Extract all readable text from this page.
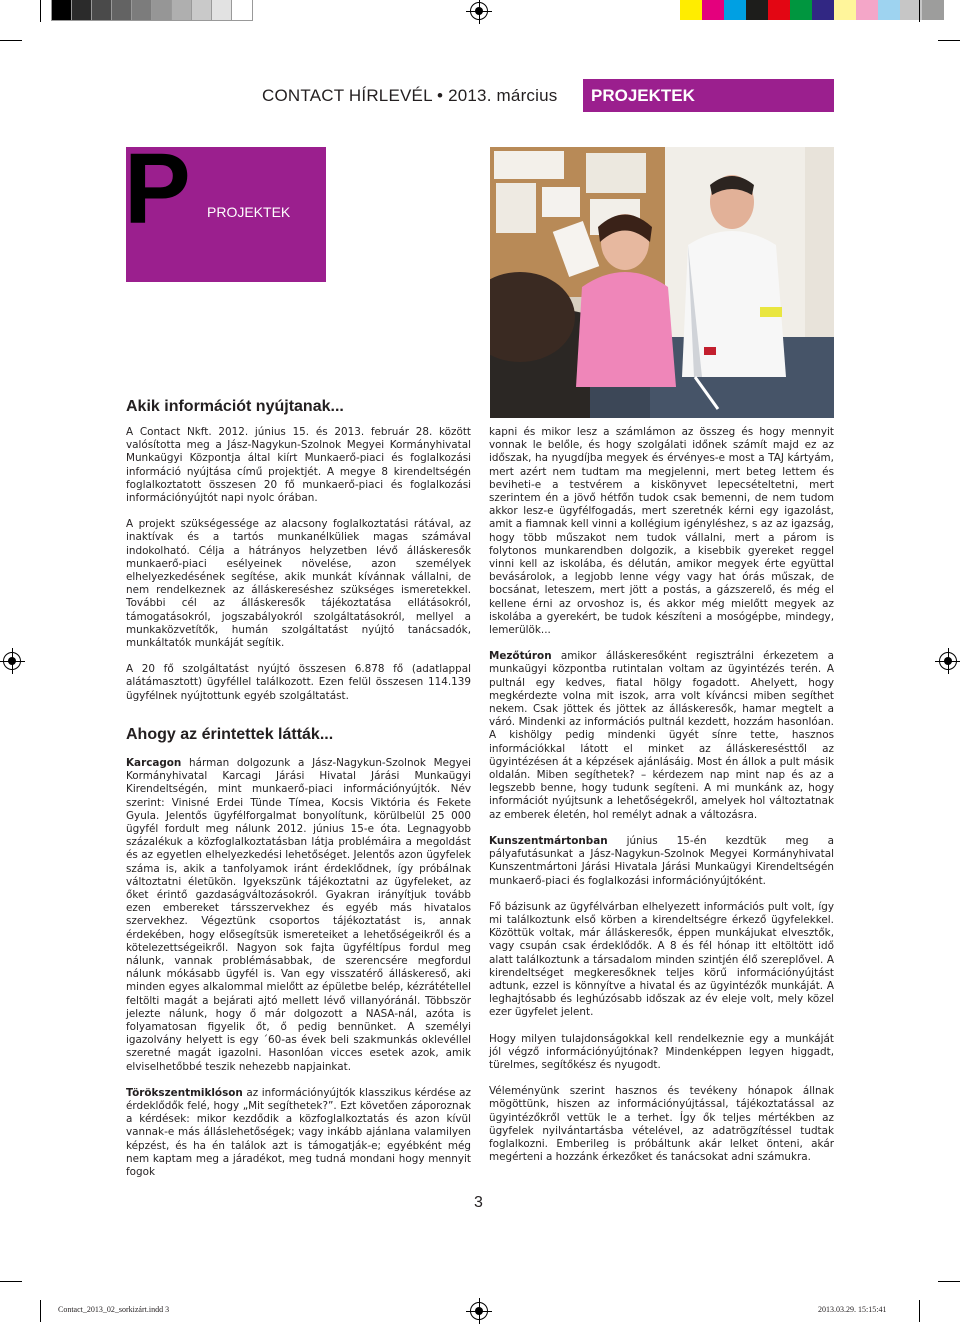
CONTACT HÍRLEVÉL • 2013. március	PROJEKTEK
P PROJEKTEK
Akik információt nyújtanak...

A Contact Nkft. 2012. június 15. és 2013. február 28. között valósította meg a Jász-Nagykun-Szolnok Megyei Kormányhivatal Munkaügyi Központja által kiírt Munkaerő-piaci és foglalkozási információ nyújtása című projektjét. A megye 8 kirendeltségén foglalkoztatott összesen 20 fő munkaerő-piaci és foglalkozási információnyújtót napi nyolc órában.

A projekt szükségessége az alacsony foglalkoztatási rátával, az inaktívak és a tartós munkanélküliek magas számával indokolható. Célja a hátrányos helyzetben lévő álláskeresők munkaerő-piaci esélyeinek növelése, azon személyek elhelyezkedésének segítése, akik munkát kívánnak vállalni, de nem rendelkeznek az álláskereséshez szükséges ismeretekkel. További cél az álláskeresők tájékoztatása ellátásokról, támogatásokról, jogszabályokról szolgáltatásokról, mellyel a munkaközvetítők, humán szolgáltatást nyújtó tanácsadók, munkáltatók munkáját segítik.

A 20 fő szolgáltatást nyújtó összesen 6.878 fő (adatlappal alátámasztott) ügyféllel találkozott. Ezen felül összesen 114.139 ügyfélnek nyújtottunk egyéb szolgáltatást.

Ahogy az érintettek látták...

Karcagon hárman dolgozunk a Jász-Nagykun-Szolnok Megyei Kormányhivatal Karcagi Járási Hivatal Járási Munkaügyi Kirendeltségén, mint munkaerő-piaci információnyújtók. Név szerint: Vinisné Erdei Tünde Tímea, Kocsis Viktória és Fekete Gyula. Jelentős ügyfélforgalmat bonyolítunk, körülbelül 25 000 ügyfél fordult meg nálunk 2012. június 15-e óta. Legnagyobb százalékuk a közfoglalkoztatásban látja problémáira a megoldást és az egyetlen elhelyezkedési lehetőséget. Jelentős azon ügyfelek száma is, akik a tanfolyamok iránt érdeklődnek, így próbálnak változtatni életükön. Igyekszünk tájékoztatni az ügyfeleket, az őket érintő gazdaságváltozásokról. Gyakran irányítjuk tovább ezen embereket társszervekhez és egyéb más hivatalos szervekhez. Végeztünk csoportos tájékoztatást is, annak érdekében, hogy elősegítsük ismereteiket a lehetőségeikről és a kötelezettségeikről. Nagyon sok fajta ügyféltípus fordul meg nálunk, vannak problémásabbak, de szerencsére megfordul nálunk mókásabb ügyfél is. Van egy visszatérő álláskereső, aki minden egyes alkalommal mielőtt az épületbe belép, kézrátétellel feltölti magát a bejárati ajtó mellett lévő villanyóránál. Többször jelezte nálunk, hogy ő már dolgozott a NASA-nál, azóta is folyamatosan figyelik őt, ő pedig bennünket. A személyi igazolvány helyett is egy ´60-as évek beli szakmunkás oklevéllel szeretné magát igazolni. Hasonlóan vicces esetek azok, amik elviselhetőbbé teszik nehezebb napjainkat.

Törökszentmiklóson az információnyújtók klasszikus kérdése az érdeklődők felé, hogy „Mit segíthetek?”. Ezt követően záporoznak a kérdések: mikor kezdődik a közfoglalkoztatás és azon kívül vannak-e más álláslehetőségek; vagy inkább ajánlana valamilyen képzést, és ha én találok azt is támogatják-e; egyébként még nem kaptam meg a járadékot, meg tudná mondani hogy mennyit fogok

kapni és mikor lesz a számlámon az összeg és hogy mennyit vonnak le belőle, és hogy szolgálati időnek számít majd ez az időszak, ha nyugdíjba megyek és érvényes-e most a TAJ kártyám, mert azért nem tudtam ma megjelenni, mert beteg lettem és beviheti-e a testvérem a kiskönyvet lepecsételtetni, mert szerintem én a jövő hétfőn tudok csak bemenni, de nem tudom akkor lesz-e ügyfélfogadás, mert szeretnék kérni egy igazolást, amit a fiamnak kell vinni a kollégium igényléshez, s az az igazság, hogy több műszakot nem tudok vállalni, mert a párom is folytonos munkarendben dolgozik, a kisebbik gyereket reggel vinni kell az iskolába, és délután, amikor megyek érte együttal bevásárolok, a legjobb lenne végy vagy hat órás műszak, de bocsánat, leteszem, mert jött a postás, a gázszerelő, és még el kellene érni az orvoshoz is, és akkor még mielőtt megyek az iskolába a gyerekért, be tudok készíteni a mosógépbe, mindegy, lemerülök...

Mezőtúron amikor álláskeresőként regisztrálni érkezetem a munkaügyi központba rutintalan voltam az ügyintézés terén. A pultnál egy kedves, fiatal hölgy fogadott. Ahelyett, hogy megkérdezte volna mit iszok, arra volt kíváncsi miben segíthet nekem. Csak jöttek és jöttek az álláskeresők, hamar megtelt a váró. Mindenki az információs pultnál kezdett, hozzám hasonlóan. A kishölgy pedig mindenki ügyét sínre tette, hasznos információkkal látott el minket az álláskeresésttől az ügyintézésen át a képzések ajánlásáig. Most én állok a pult másik oldalán. Miben segíthetek? – kérdezem nap mint nap és az a legszebb benne, hogy tudunk segíteni. A mi munkánk az, hogy információt nyújtsunk a lehetőségekről, amelyek hol változtatnak az emberek életén, hol remélyt adnak a változásra.

Kunszentmártonban június 15-én kezdtük meg a pályafutásunkat a Jász-Nagykun-Szolnok Megyei Kormányhivatal Kunszentmártoni Járási Hivatala Járási Munkaügyi Kirendeltségén munkaerő-piaci és foglalkozási információnyújtóként.

Fő bázisunk az ügyfélvárban elhelyezett információs pult volt, így mi találkoztunk első körben a kirendeltségre érkező ügyfelekkel. Közöttük voltak, már álláskeresők, éppen munkájukat elvesztők, vagy csupán csak érdeklődők. A 8 és fél hónap itt eltöltött idő alatt találkoztunk a társadalom minden szintjén élő szereplővel. A kirendeltséget megkeresőknek teljes körű információnyújtást adtunk, ezzel is könnyítve a hivatal és az ügyintézők munkáját. A leghajtósabb és leghúzósabb időszak az év eleje volt, mely közel ezer ügyfelet jelent.

Hogy milyen tulajdonságokkal kell rendelkeznie egy a munkáját jól végző információnyújtónak? Mindenképpen legyen higgadt, türelmes, segítőkész és nyugodt.

Véleményünk szerint hasznos és tevékeny hónapok állnak mögöttünk, hiszen az információnyújtással, tájékoztatással az ügyintézőkről vettük le a terhet. Így ők teljes mértékben az ügyfelek nyilvántartásba vételével, az adatrögzítéssel tudtak foglalkozni. Emberileg is próbáltunk akár lelket önteni, akár megérteni a hozzánk érkezőket és tanácsokat adni számukra.

3
Contact_2013_02_sorkizárt.indd 3	2013.03.29. 15:15:41
